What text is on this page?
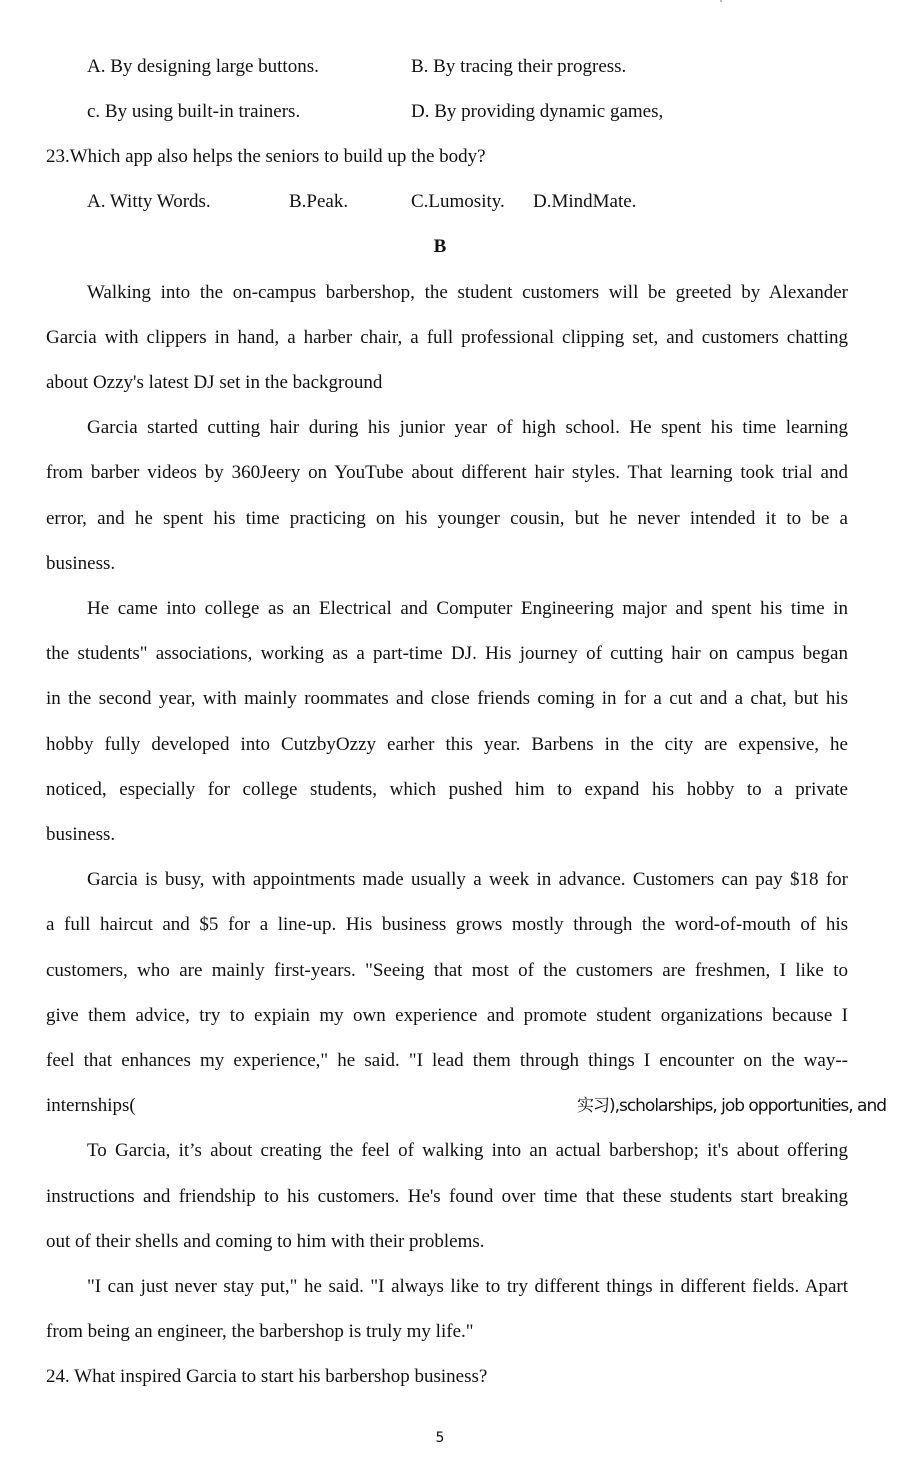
A. By designing large buttons.	B. By tracing their progress.
c. By using built-in trainers.	D. By providing dynamic games,
23.Which app also helps the seniors to build up the body?
A. Witty Words.	B.Peak.	C.Lumosity. D.MindMate.
B
Walking into the on-campus barbershop, the student customers will be greeted by Alexander
Garcia with clippers in hand, a harber chair, a full professional clipping set, and customers chatting
about Ozzy's latest DJ set in the background
Garcia started cutting hair during his junior year of high school. He spent his time learning
from barber videos by 360Jeery on YouTube about different hair styles. That learning took trial and
error, and he spent his time practicing on his younger cousin, but he never intended it to be a
business.
He came into college as an Electrical and Computer Engineering major and spent his time in
the students" associations, working as a part-time DJ. His journey of cutting hair on campus began
in the second year, with mainly roommates and close friends coming in for a cut and a chat, but his
hobby fully developed into CutzbyOzzy earher this year. Barbens in the city are expensive, he
noticed, especially for college students, which pushed him to expand his hobby to a private
business.
Garcia is busy, with appointments made usually a week in advance. Customers can pay $18 for
a full haircut and $5 for a line-up. His business grows mostly through the word-of-mouth of his
customers, who are mainly first-years. "Seeing that most of the customers are freshmen, I like to
give them advice, try to expiain my own experience and promote student organizations because I
feel that enhances my experience," he said. "I lead them through things I encounter on the way--
internships(	实习),scholarships, job opportunities, and
To Garcia, it’s about creating the feel of walking into an actual barbershop; it's about offering
instructions and friendship to his customers. He's found over time that these students start breaking
out of their shells and coming to him with their problems.
"I can just never stay put," he said. "I always like to try different things in different fields. Apart
from being an engineer, the barbershop is truly my life."
24. What inspired Garcia to start his barbershop business?
5
